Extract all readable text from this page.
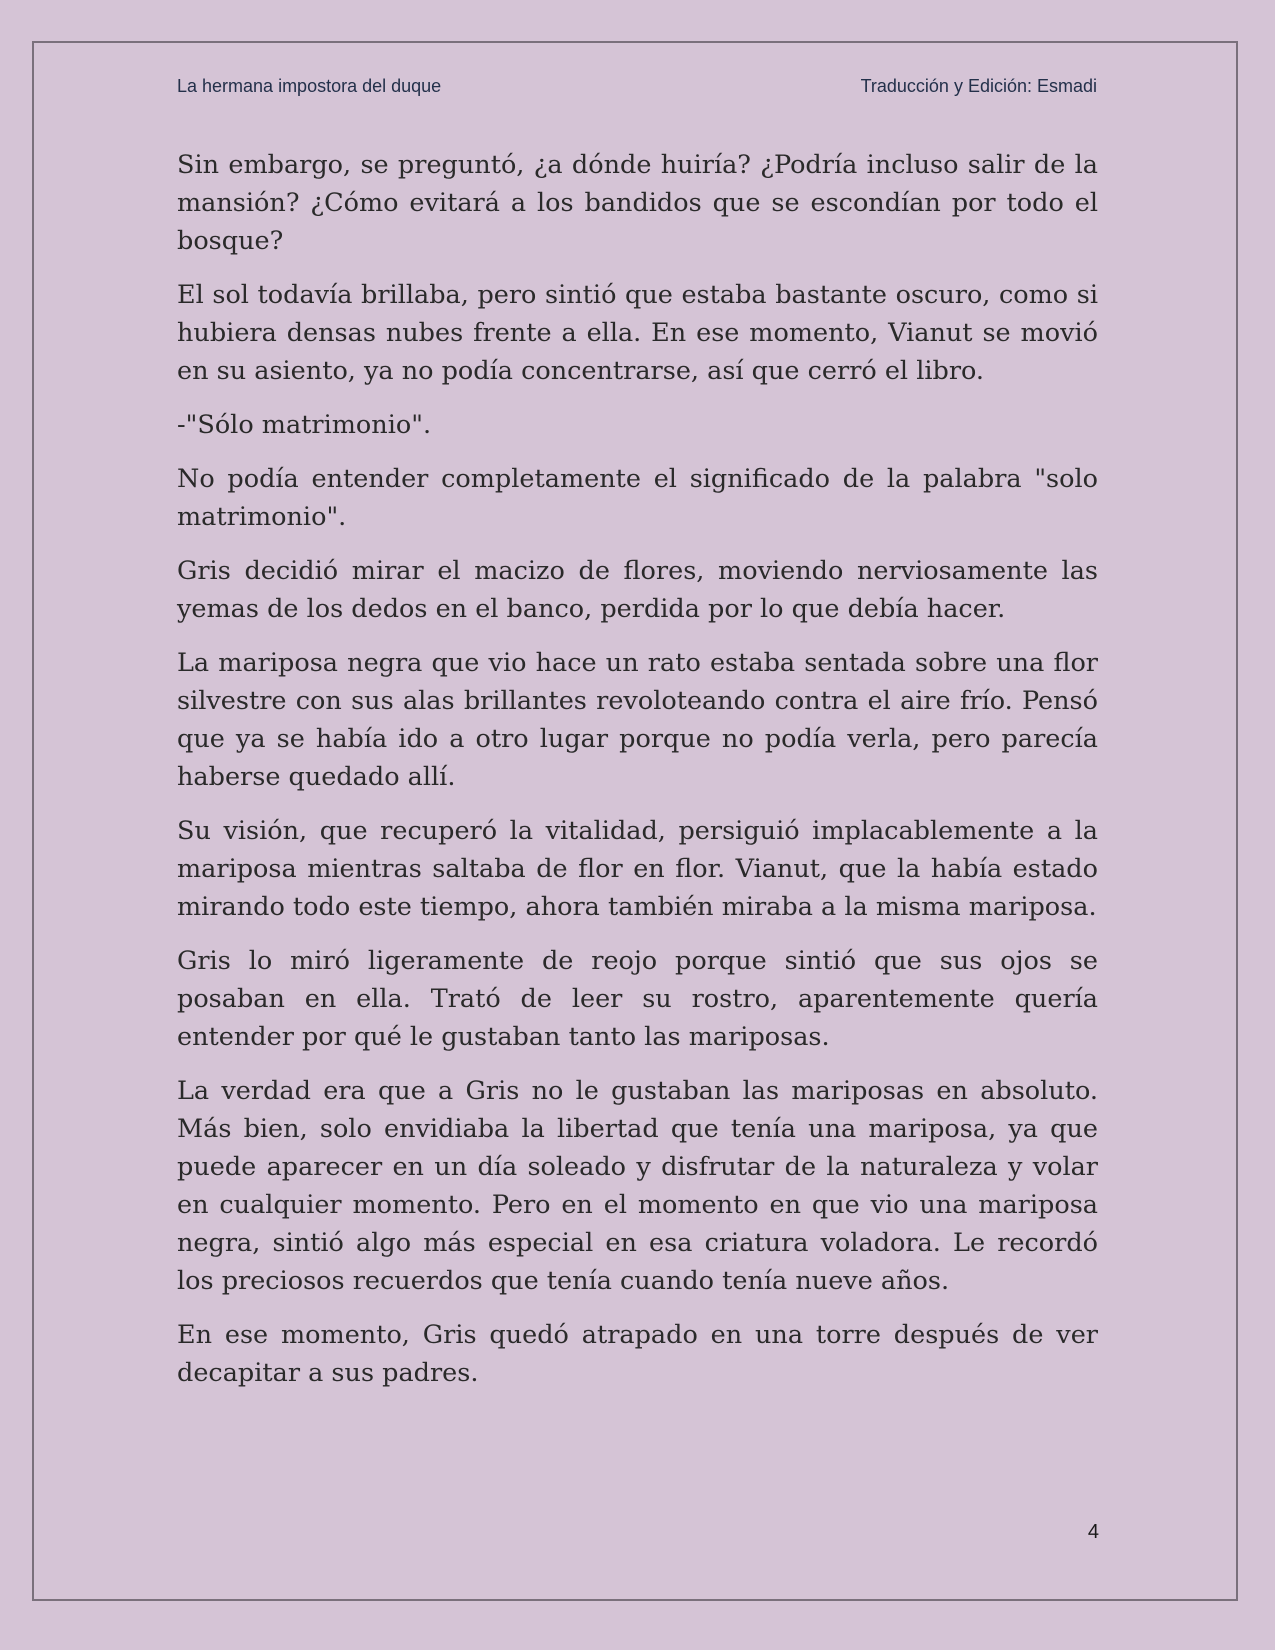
La hermana impostora del duque	Traducción y Edición: Esmadi

Sin embargo, se preguntó, ¿a dónde huiría? ¿Podría incluso salir de la mansión? ¿Cómo evitará a los bandidos que se escondían por todo el bosque?

El sol todavía brillaba, pero sintió que estaba bastante oscuro, como si hubiera densas nubes frente a ella. En ese momento, Vianut se movió en su asiento, ya no podía concentrarse, así que cerró el libro.

-"Sólo matrimonio".

No podía entender completamente el significado de la palabra "solo matrimonio".

Gris decidió mirar el macizo de flores, moviendo nerviosamente las yemas de los dedos en el banco, perdida por lo que debía hacer.

La mariposa negra que vio hace un rato estaba sentada sobre una flor silvestre con sus alas brillantes revoloteando contra el aire frío. Pensó que ya se había ido a otro lugar porque no podía verla, pero parecía haberse quedado allí.

Su visión, que recuperó la vitalidad, persiguió implacablemente a la mariposa mientras saltaba de flor en flor. Vianut, que la había estado mirando todo este tiempo, ahora también miraba a la misma mariposa.

Gris lo miró ligeramente de reojo porque sintió que sus ojos se posaban en ella. Trató de leer su rostro, aparentemente quería entender por qué le gustaban tanto las mariposas.

La verdad era que a Gris no le gustaban las mariposas en absoluto. Más bien, solo envidiaba la libertad que tenía una mariposa, ya que puede aparecer en un día soleado y disfrutar de la naturaleza y volar en cualquier momento. Pero en el momento en que vio una mariposa negra, sintió algo más especial en esa criatura voladora. Le recordó los preciosos recuerdos que tenía cuando tenía nueve años.

En ese momento, Gris quedó atrapado en una torre después de ver decapitar a sus padres.

4
